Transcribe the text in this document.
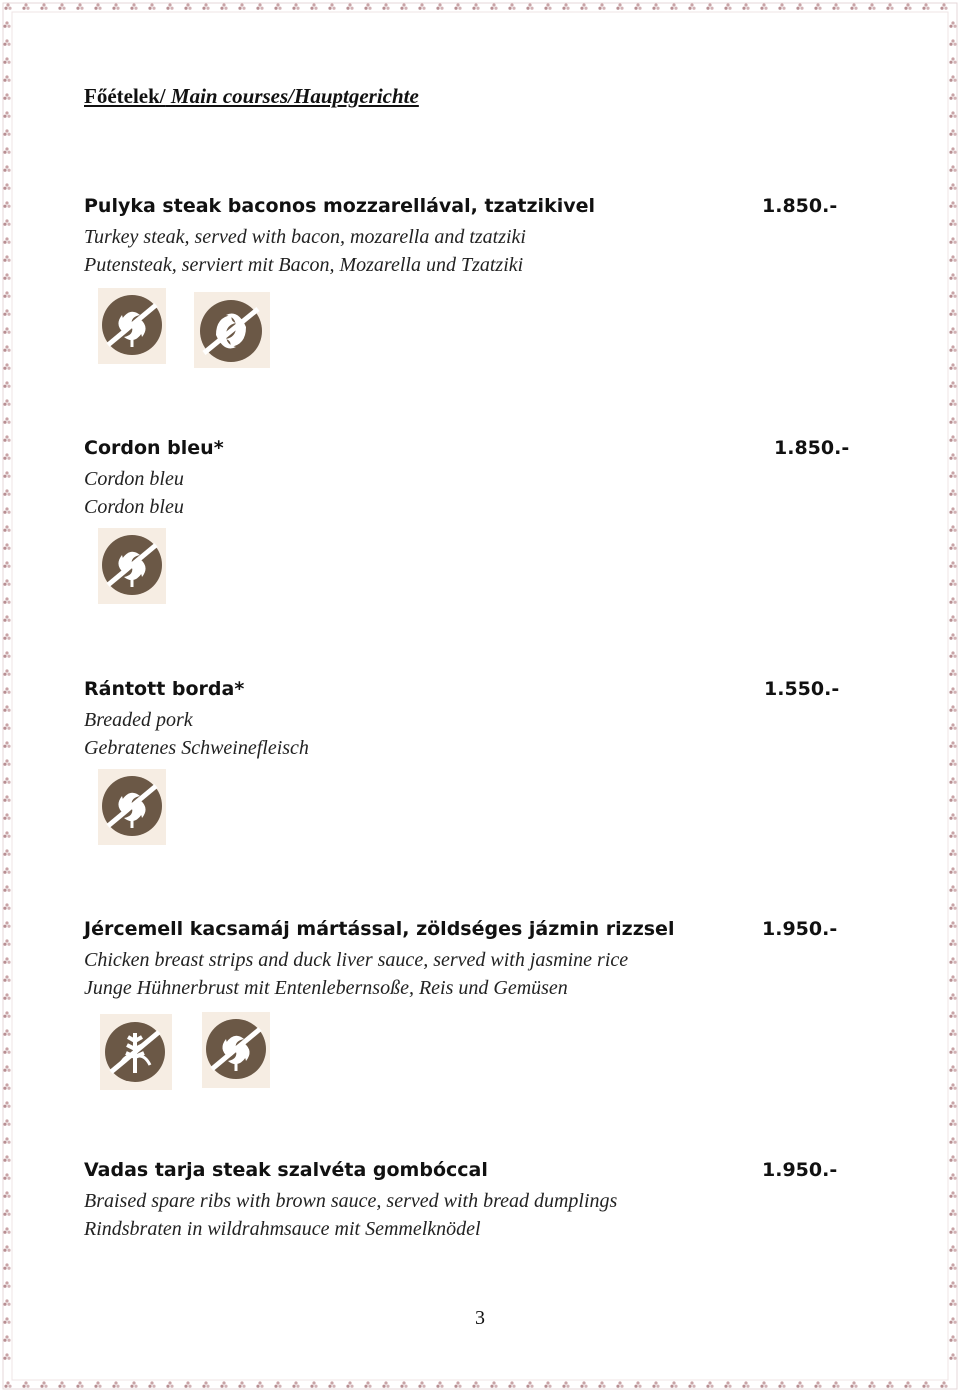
Főételek/ Main courses/Hauptgerichte
Pulyka steak baconos mozzarellával, tzatzikivel	1.850.-
Turkey steak, served with bacon, mozarella and tzatziki
Putensteak, serviert mit Bacon, Mozarella und Tzatziki
Cordon bleu*	1.850.-
Cordon bleu
Cordon bleu
Rántott borda*	1.550.-
Breaded pork
Gebratenes Schweinefleisch
Jércemell kacsamáj mártással, zöldséges jázmin rizzsel	1.950.-
Chicken breast strips and duck liver sauce, served with jasmine rice
Junge Hühnerbrust mit Entenlebernsoße, Reis und Gemüsen
Vadas tarja steak szalvéta gombóccal	1.950.-
Braised spare ribs with brown sauce, served with bread dumplings
Rindsbraten in wildrahmsauce mit Semmelknödel
3
